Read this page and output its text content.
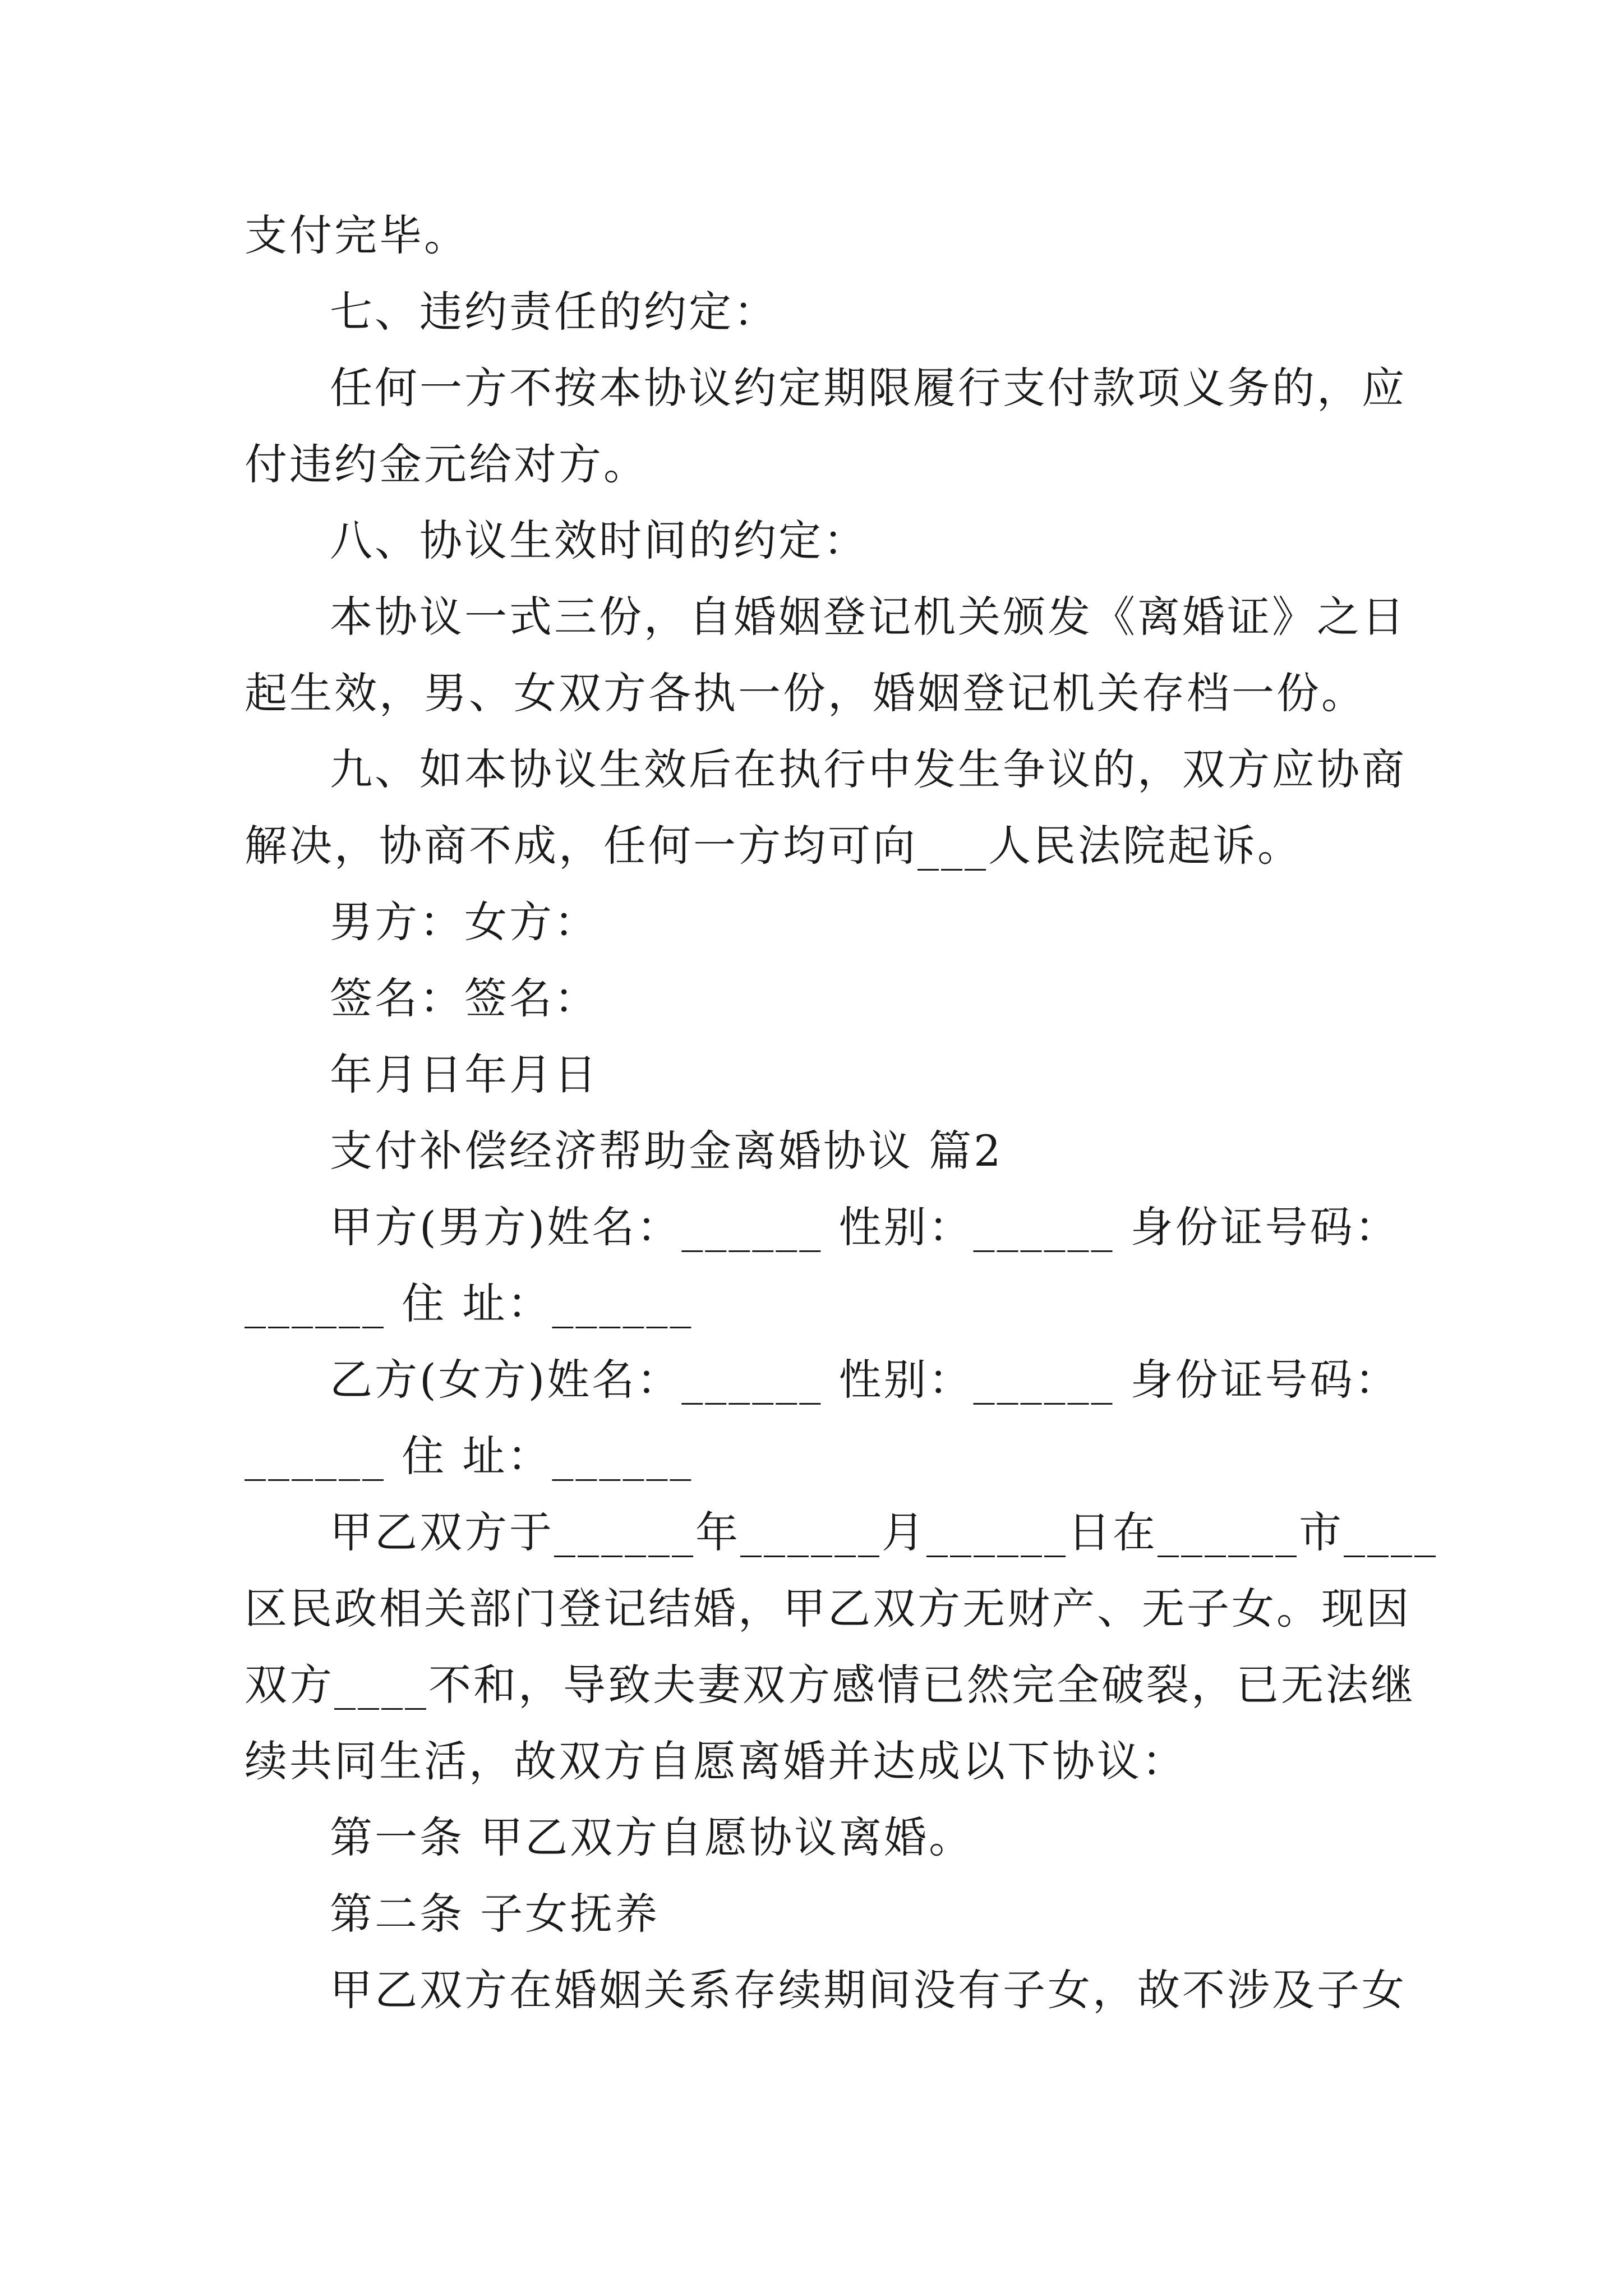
支付完毕。
七、违约责任的约定：
任何一方不按本协议约定期限履行支付款项义务的，应
付违约金元给对方。
八、协议生效时间的约定：
本协议一式三份，自婚姻登记机关颁发《离婚证》之日
起生效，男、女双方各执一份，婚姻登记机关存档一份。
九、如本协议生效后在执行中发生争议的，双方应协商
解决，协商不成，任何一方均可向___人民法院起诉。
男方：女方：
签名：签名：
年月日年月日
支付补偿经济帮助金离婚协议 篇2
甲方(男方)姓名：______ 性别：______ 身份证号码：
______ 住 址：______
乙方(女方)姓名：______ 性别：______ 身份证号码：
______ 住 址：______
甲乙双方于______年______月______日在______市____
区民政相关部门登记结婚，甲乙双方无财产、无子女。现因
双方____不和，导致夫妻双方感情已然完全破裂，已无法继
续共同生活，故双方自愿离婚并达成以下协议：
第一条 甲乙双方自愿协议离婚。
第二条 子女抚养
甲乙双方在婚姻关系存续期间没有子女，故不涉及子女
